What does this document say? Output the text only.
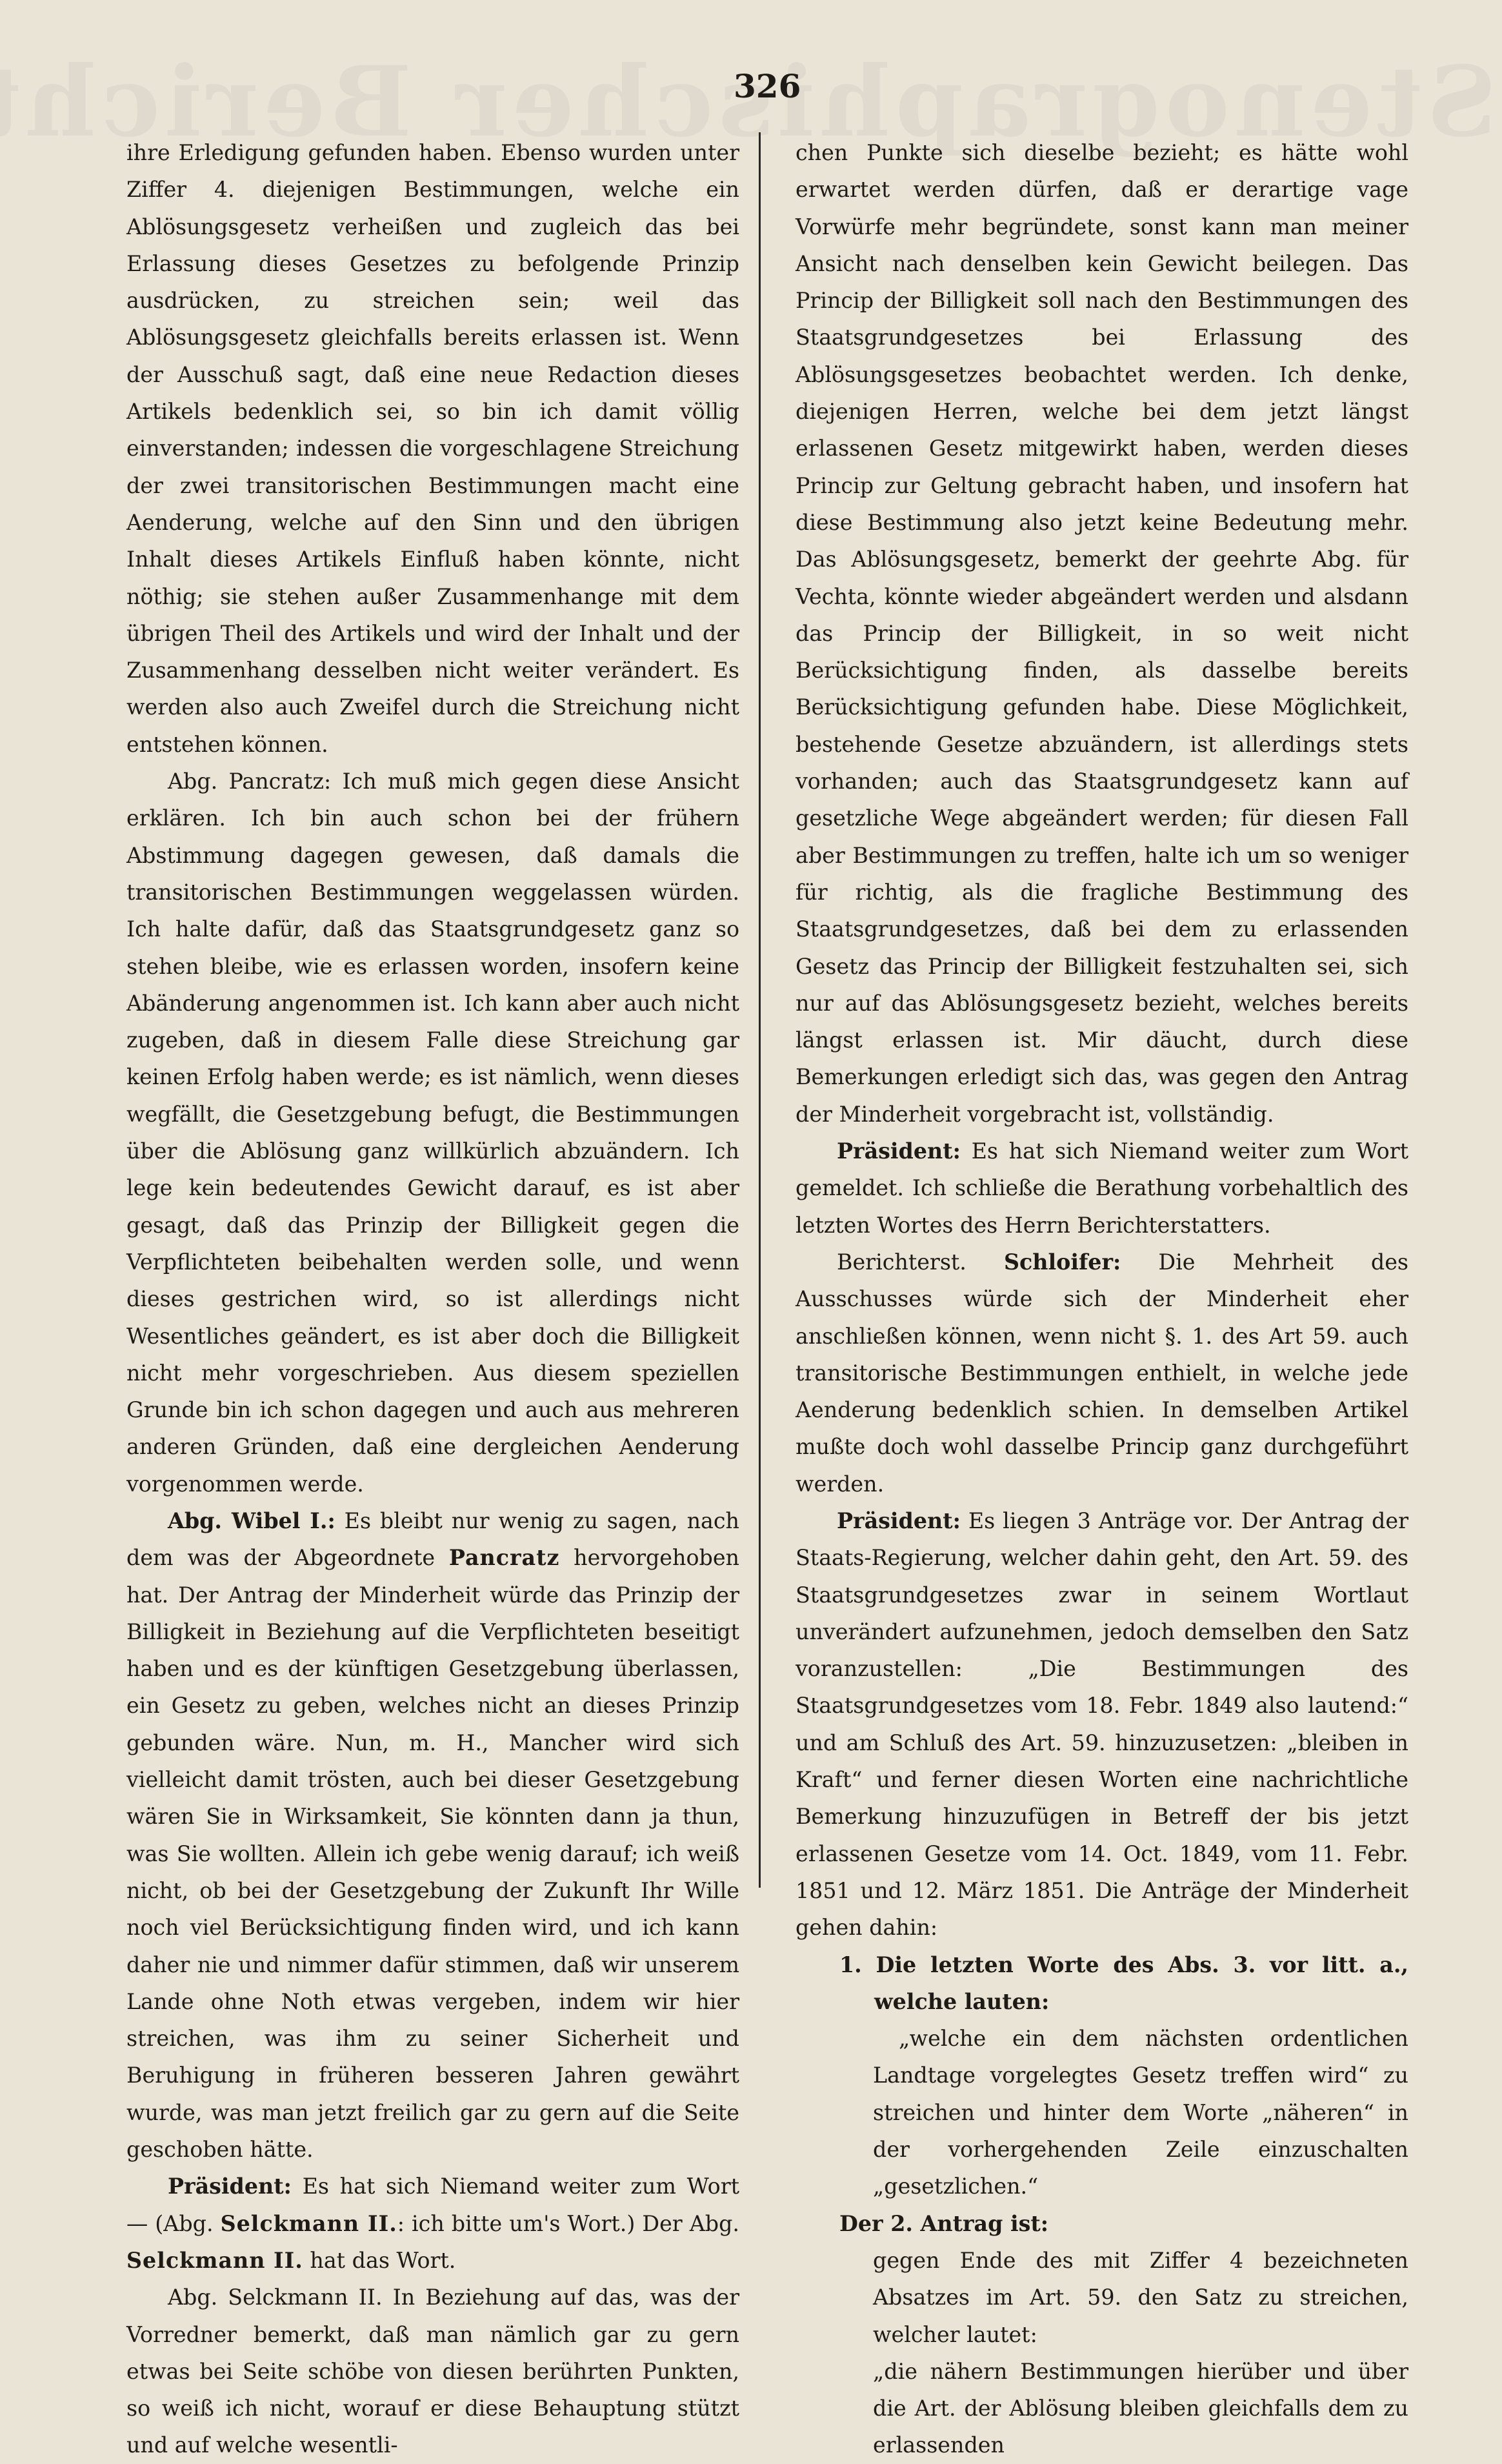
326

ihre Erledigung gefunden haben. Ebenso wurden unter Ziffer 4. diejenigen Bestimmungen, welche ein Ablösungsgesetz verheißen und zugleich das bei Erlassung dieses Gesetzes zu befolgende Prinzip ausdrücken, zu streichen sein; weil das Ablösungsgesetz gleichfalls bereits erlassen ist. Wenn der Ausschuß sagt, daß eine neue Redaction dieses Artikels bedenklich sei, so bin ich damit völlig einverstanden; indessen die vorgeschlagene Streichung der zwei transitorischen Bestimmungen macht eine Aenderung, welche auf den Sinn und den übrigen Inhalt dieses Artikels Einfluß haben könnte, nicht nöthig; sie stehen außer Zusammenhange mit dem übrigen Theil des Artikels und wird der Inhalt und der Zusammenhang desselben nicht weiter verändert. Es werden also auch Zweifel durch die Streichung nicht entstehen können.

Abg. Pancratz: Ich muß mich gegen diese Ansicht erklären. Ich bin auch schon bei der frühern Abstimmung dagegen gewesen, daß damals die transitorischen Bestimmungen weggelassen würden. Ich halte dafür, daß das Staatsgrundgesetz ganz so stehen bleibe, wie es erlassen worden, insofern keine Abänderung angenommen ist. Ich kann aber auch nicht zugeben, daß in diesem Falle diese Streichung gar keinen Erfolg haben werde; es ist nämlich, wenn dieses wegfällt, die Gesetzgebung befugt, die Bestimmungen über die Ablösung ganz willkürlich abzuändern. Ich lege kein bedeutendes Gewicht darauf, es ist aber gesagt, daß das Prinzip der Billigkeit gegen die Verpflichteten beibehalten werden solle, und wenn dieses gestrichen wird, so ist allerdings nicht Wesentliches geändert, es ist aber doch die Billigkeit nicht mehr vorgeschrieben. Aus diesem speziellen Grunde bin ich schon dagegen und auch aus mehreren anderen Gründen, daß eine dergleichen Aenderung vorgenommen werde.

Abg. Wibel I.: Es bleibt nur wenig zu sagen, nach dem was der Abgeordnete Pancratz hervorgehoben hat. Der Antrag der Minderheit würde das Prinzip der Billigkeit in Beziehung auf die Verpflichteten beseitigt haben und es der künftigen Gesetzgebung überlassen, ein Gesetz zu geben, welches nicht an dieses Prinzip gebunden wäre. Nun, m. H., Mancher wird sich vielleicht damit trösten, auch bei dieser Gesetzgebung wären Sie in Wirksamkeit, Sie könnten dann ja thun, was Sie wollten. Allein ich gebe wenig darauf; ich weiß nicht, ob bei der Gesetzgebung der Zukunft Ihr Wille noch viel Berücksichtigung finden wird, und ich kann daher nie und nimmer dafür stimmen, daß wir unserem Lande ohne Noth etwas vergeben, indem wir hier streichen, was ihm zu seiner Sicherheit und Beruhigung in früheren besseren Jahren gewährt wurde, was man jetzt freilich gar zu gern auf die Seite geschoben hätte.

Präsident: Es hat sich Niemand weiter zum Wort — (Abg. Selckmann II.: ich bitte um's Wort.) Der Abg. Selckmann II. hat das Wort.

Abg. Selckmann II. In Beziehung auf das, was der Vorredner bemerkt, daß man nämlich gar zu gern etwas bei Seite schöbe von diesen berührten Punkten, so weiß ich nicht, worauf er diese Behauptung stützt und auf welche wesentli-

chen Punkte sich dieselbe bezieht; es hätte wohl erwartet werden dürfen, daß er derartige vage Vorwürfe mehr begründete, sonst kann man meiner Ansicht nach denselben kein Gewicht beilegen. Das Princip der Billigkeit soll nach den Bestimmungen des Staatsgrundgesetzes bei Erlassung des Ablösungsgesetzes beobachtet werden. Ich denke, diejenigen Herren, welche bei dem jetzt längst erlassenen Gesetz mitgewirkt haben, werden dieses Princip zur Geltung gebracht haben, und insofern hat diese Bestimmung also jetzt keine Bedeutung mehr. Das Ablösungsgesetz, bemerkt der geehrte Abg. für Vechta, könnte wieder abgeändert werden und alsdann das Princip der Billigkeit, in so weit nicht Berücksichtigung finden, als dasselbe bereits Berücksichtigung gefunden habe. Diese Möglichkeit, bestehende Gesetze abzuändern, ist allerdings stets vorhanden; auch das Staatsgrundgesetz kann auf gesetzliche Wege abgeändert werden; für diesen Fall aber Bestimmungen zu treffen, halte ich um so weniger für richtig, als die fragliche Bestimmung des Staatsgrundgesetzes, daß bei dem zu erlassenden Gesetz das Princip der Billigkeit festzuhalten sei, sich nur auf das Ablösungsgesetz bezieht, welches bereits längst erlassen ist. Mir däucht, durch diese Bemerkungen erledigt sich das, was gegen den Antrag der Minderheit vorgebracht ist, vollständig.

Präsident: Es hat sich Niemand weiter zum Wort gemeldet. Ich schließe die Berathung vorbehaltlich des letzten Wortes des Herrn Berichterstatters.

Berichterst. Schloifer: Die Mehrheit des Ausschusses würde sich der Minderheit eher anschließen können, wenn nicht §. 1. des Art 59. auch transitorische Bestimmungen enthielt, in welche jede Aenderung bedenklich schien. In demselben Artikel mußte doch wohl dasselbe Princip ganz durchgeführt werden.

Präsident: Es liegen 3 Anträge vor. Der Antrag der Staats-Regierung, welcher dahin geht, den Art. 59. des Staatsgrundgesetzes zwar in seinem Wortlaut unverändert aufzunehmen, jedoch demselben den Satz voranzustellen: „Die Bestimmungen des Staatsgrundgesetzes vom 18. Febr. 1849 also lautend:“ und am Schluß des Art. 59. hinzuzusetzen: „bleiben in Kraft“ und ferner diesen Worten eine nachrichtliche Bemerkung hinzuzufügen in Betreff der bis jetzt erlassenen Gesetze vom 14. Oct. 1849, vom 11. Febr. 1851 und 12. März 1851. Die Anträge der Minderheit gehen dahin:

1. Die letzten Worte des Abs. 3. vor litt. a., welche lauten:

„welche ein dem nächsten ordentlichen Landtage vorgelegtes Gesetz treffen wird“ zu streichen und hinter dem Worte „näheren“ in der vorhergehenden Zeile einzuschalten „gesetzlichen.“

Der 2. Antrag ist:

gegen Ende des mit Ziffer 4 bezeichneten Absatzes im Art. 59. den Satz zu streichen, welcher lautet:

„die nähern Bestimmungen hierüber und über die Art. der Ablösung bleiben gleichfalls dem zu erlassenden
